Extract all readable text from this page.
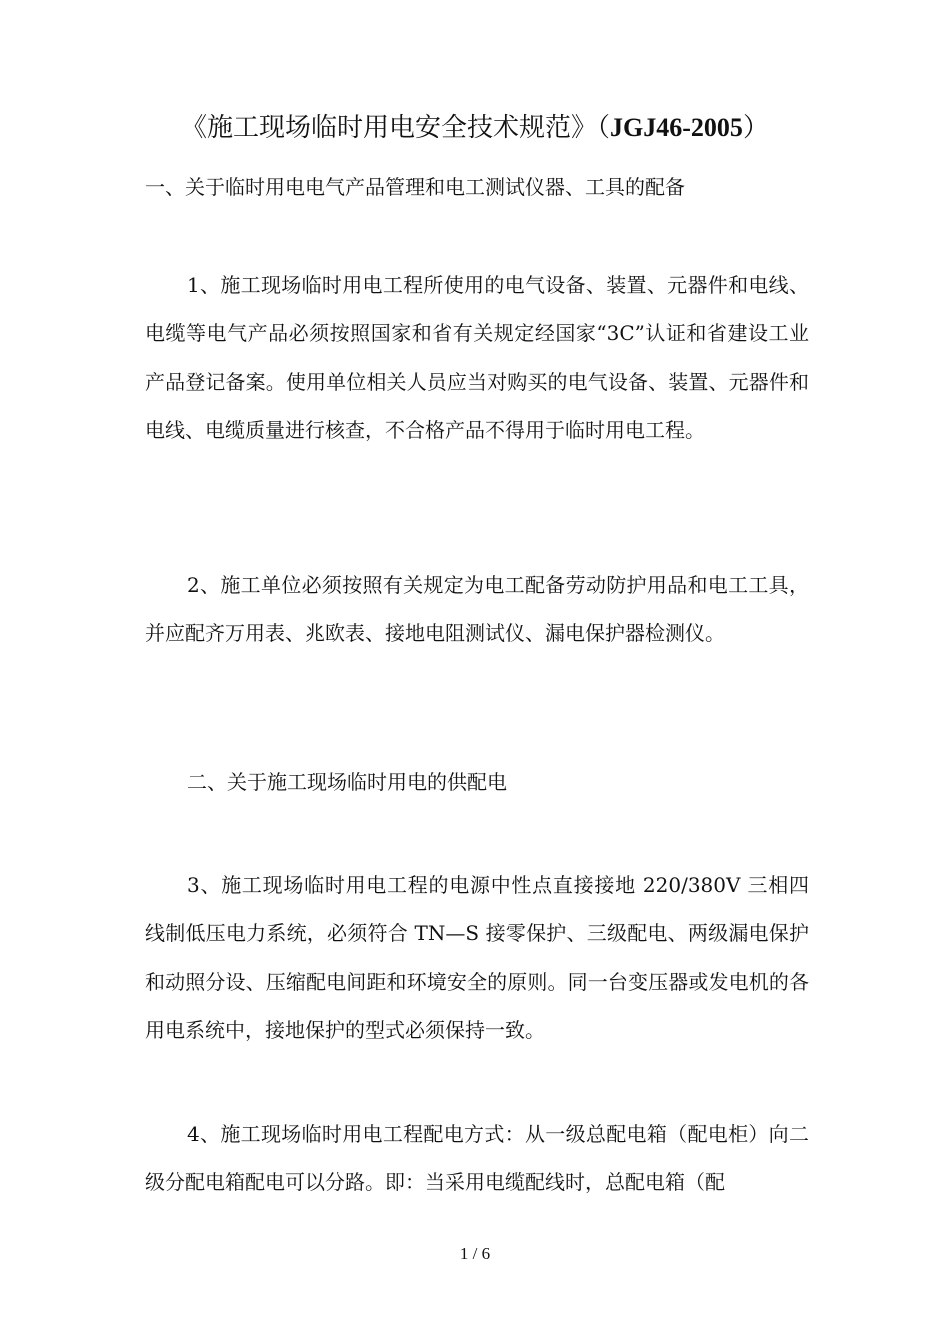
《施工现场临时用电安全技术规范》（JGJ46-2005）
一、关于临时用电电气产品管理和电工测试仪器、工具的配备

1、施工现场临时用电工程所使用的电气设备、装置、元器件和电线、电缆等电气产品必须按照国家和省有关规定经国家“3C”认证和省建设工业产品登记备案。使用单位相关人员应当对购买的电气设备、装置、元器件和电线、电缆质量进行核查，不合格产品不得用于临时用电工程。

2、施工单位必须按照有关规定为电工配备劳动防护用品和电工工具，并应配齐万用表、兆欧表、接地电阻测试仪、漏电保护器检测仪。

二、关于施工现场临时用电的供配电

3、施工现场临时用电工程的电源中性点直接接地 220/380V 三相四线制低压电力系统，必须符合 TN—S 接零保护、三级配电、两级漏电保护和动照分设、压缩配电间距和环境安全的原则。同一台变压器或发电机的各用电系统中，接地保护的型式必须保持一致。

4、施工现场临时用电工程配电方式：从一级总配电箱（配电柜）向二级分配电箱配电可以分路。即：当采用电缆配线时，总配电箱（配

1 / 6
